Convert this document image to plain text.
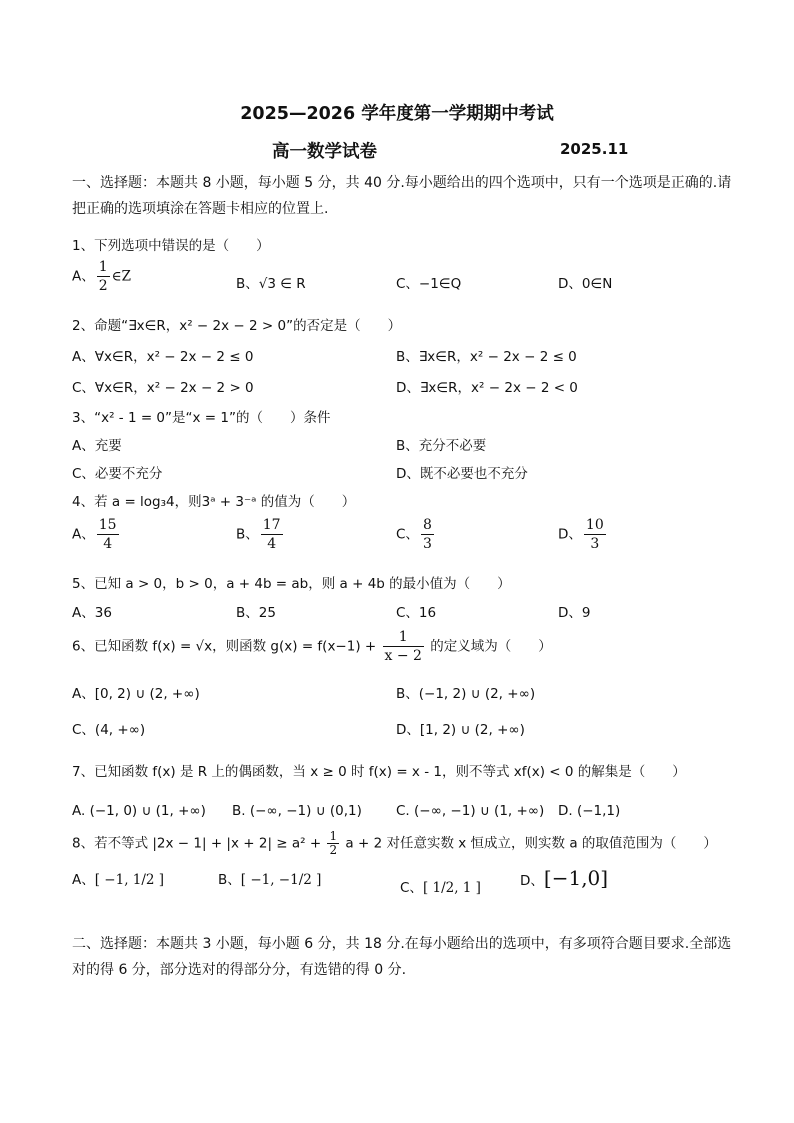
2025—2026 学年度第一学期期中考试
高一数学试卷	2025.11
一、选择题：本题共 8 小题，每小题 5 分，共 40 分.每小题给出的四个选项中，只有一个选项是正确的.请把正确的选项填涂在答题卡相应的位置上.
1、下列选项中错误的是（　　）
A、 $\frac{1}{2}$ ∈Z	B、√3 ∈ R	C、−1∈Q	D、0∈N
2、命题“∃x∈R，x² − 2x − 2 > 0”的否定是（　　）
A、∀x∈R，x² − 2x − 2 ≤ 0	B、∃x∈R，x² − 2x − 2 ≤ 0
C、∀x∈R，x² − 2x − 2 > 0	D、∃x∈R，x² − 2x − 2 < 0
3、“x² - 1 = 0”是“x = 1”的（　　）条件
A、充要	B、充分不必要
C、必要不充分	D、既不必要也不充分
4、若 a = log₃4，则3ᵃ + 3⁻ᵃ 的值为（　　）
A、 $\frac{15}{4}$	B、 $\frac{17}{4}$	C、 $\frac{8}{3}$	D、 $\frac{10}{3}$
5、已知 a > 0，b > 0，a + 4b = ab，则 a + 4b 的最小值为（　　）
A、36	B、25	C、16	D、9
6、已知函数 f(x) = √x，则函数 $g(x) = f(x-1) + \frac{1}{x - 2}$ 的定义域为（　　）
A、[0, 2) ∪ (2, +∞)	B、(−1, 2) ∪ (2, +∞)
C、(4, +∞)	D、[1, 2) ∪ (2, +∞)
7、已知函数 f(x) 是 R 上的偶函数，当 x ≥ 0 时 f(x) = x - 1，则不等式 xf(x) < 0 的解集是（　　）
A. (−1, 0) ∪ (1, +∞) B. (−∞, −1) ∪ (0,1)	C. (−∞, −1) ∪ (1, +∞) D. (−1,1)
8、若不等式 $|2x - 1| + |x + 2| \ge a^2 + \frac{1}{2}$ a + 2 对任意实数 x 恒成立，则实数 a 的取值范围为（　　）
A、[ −1, 1/2 ]	B、[ −1, −1/2 ]	C、[ 1/2, 1 ]	D、[−1,0]
二、选择题：本题共 3 小题，每小题 6 分，共 18 分.在每小题给出的选项中，有多项符合题目要求.全部选对的得 6 分，部分选对的得部分分，有选错的得 0 分.
